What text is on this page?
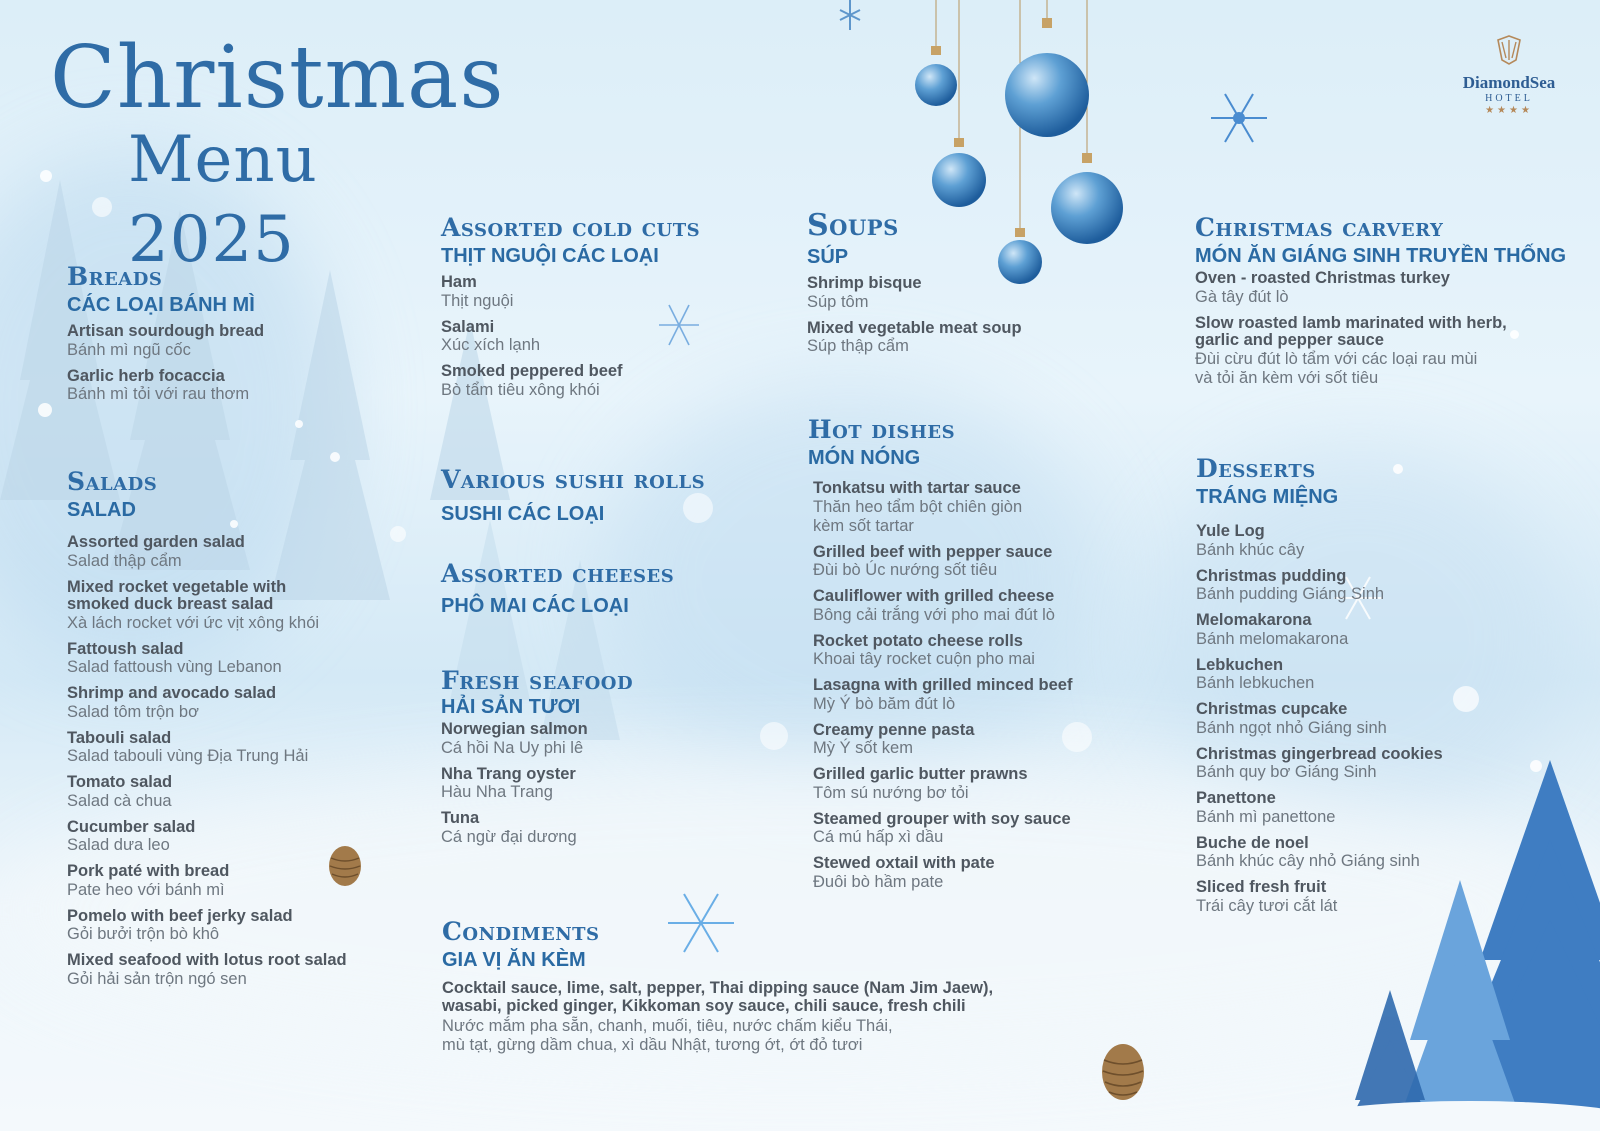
Christmas
Menu 2025
DiamondSea
HOTEL
★★★★
Breads
CÁC LOẠI BÁNH MÌ
Artisan sourdough bread
Bánh mì ngũ cốc
Garlic herb focaccia
Bánh mì tỏi với rau thơm
Salads
SALAD
Assorted garden salad
Salad thập cẩm
Mixed rocket vegetable with
smoked duck breast salad
Xà lách rocket với ức vịt xông khói
Fattoush salad
Salad fattoush vùng Lebanon
Shrimp and avocado salad
Salad tôm trộn bơ
Tabouli salad
Salad tabouli vùng Địa Trung Hải
Tomato salad
Salad cà chua
Cucumber salad
Salad dưa leo
Pork paté with bread
Pate heo với bánh mì
Pomelo with beef jerky salad
Gỏi bưởi trộn bò khô
Mixed seafood with lotus root salad
Gỏi hải sản trộn ngó sen
Assorted cold cuts
THỊT NGUỘI CÁC LOẠI
Ham
Thịt nguội
Salami
Xúc xích lạnh
Smoked peppered beef
Bò tẩm tiêu xông khói
Various sushi rolls
SUSHI CÁC LOẠI
Assorted cheeses
PHÔ MAI CÁC LOẠI
Fresh seafood
HẢI SẢN TƯƠI
Norwegian salmon
Cá hồi Na Uy phi lê
Nha Trang oyster
Hàu Nha Trang
Tuna
Cá ngừ đại dương
Condiments
GIA VỊ ĂN KÈM
Cocktail sauce, lime, salt, pepper, Thai dipping sauce (Nam Jim Jaew),
wasabi, picked ginger, Kikkoman soy sauce, chili sauce, fresh chili
Nước mắm pha sẵn, chanh, muối, tiêu, nước chấm kiểu Thái,
mù tạt, gừng dầm chua, xì dầu Nhật, tương ớt, ớt đỏ tươi
Soups
SÚP
Shrimp bisque
Súp tôm
Mixed vegetable meat soup
Súp thập cẩm
Hot dishes
MÓN NÓNG
Tonkatsu with tartar sauce
Thăn heo tẩm bột chiên giòn
kèm sốt tartar
Grilled beef with pepper sauce
Đùi bò Úc nướng sốt tiêu
Cauliflower with grilled cheese
Bông cải trắng với pho mai đút lò
Rocket potato cheese rolls
Khoai tây rocket cuộn pho mai
Lasagna with grilled minced beef
Mỳ Ý bò băm đút lò
Creamy penne pasta
Mỳ Ý sốt kem
Grilled garlic butter prawns
Tôm sú nướng bơ tỏi
Steamed grouper with soy sauce
Cá mú hấp xì dầu
Stewed oxtail with pate
Đuôi bò hầm pate
Christmas carvery
MÓN ĂN GIÁNG SINH TRUYỀN THỐNG
Oven - roasted Christmas turkey
Gà tây đút lò
Slow roasted lamb marinated with herb,
garlic and pepper sauce
Đùi cừu đút lò tẩm với các loại rau mùi
và tỏi ăn kèm với sốt tiêu
Desserts
TRÁNG MIỆNG
Yule Log
Bánh khúc cây
Christmas pudding
Bánh pudding Giáng Sinh
Melomakarona
Bánh melomakarona
Lebkuchen
Bánh lebkuchen
Christmas cupcake
Bánh ngọt nhỏ Giáng sinh
Christmas gingerbread cookies
Bánh quy bơ Giáng Sinh
Panettone
Bánh mì panettone
Buche de noel
Bánh khúc cây nhỏ Giáng sinh
Sliced fresh fruit
Trái cây tươi cắt lát
